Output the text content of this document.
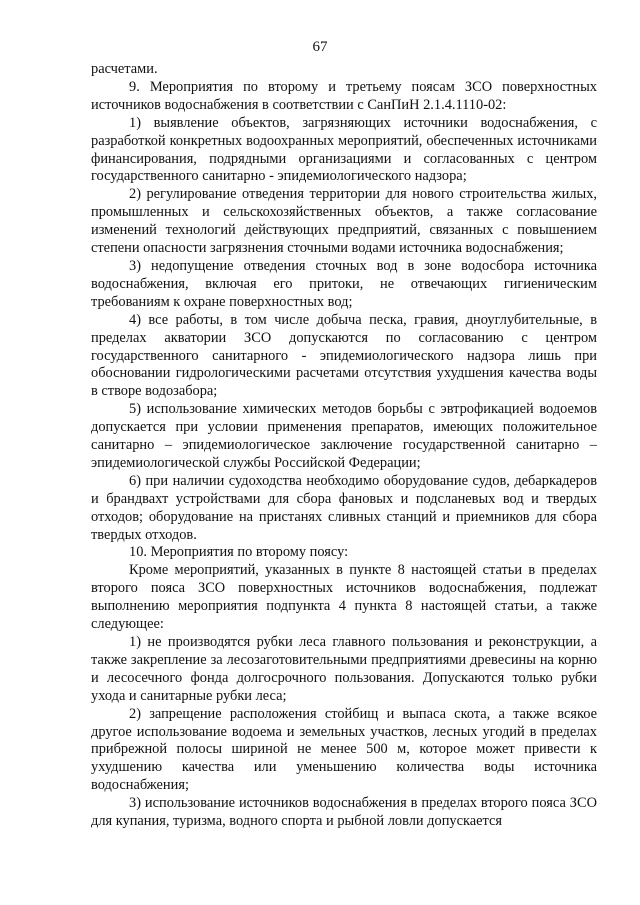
67

расчетами.

9. Мероприятия по второму и третьему поясам ЗСО поверхностных источников водоснабжения в соответствии с СанПиН 2.1.4.1110-02:

1) выявление объектов, загрязняющих источники водоснабжения, с разработкой конкретных водоохранных мероприятий, обеспеченных источниками финансирования, подрядными организациями и согласованных с центром государственного санитарно - эпидемиологического надзора;

2) регулирование отведения территории для нового строительства жилых, промышленных и сельскохозяйственных объектов, а также согласование изменений технологий действующих предприятий, связанных с повышением степени опасности загрязнения сточными водами источника водоснабжения;

3) недопущение отведения сточных вод в зоне водосбора источника водоснабжения, включая его притоки, не отвечающих гигиеническим требованиям к охране поверхностных вод;

4) все работы, в том числе добыча песка, гравия, дноуглубительные, в пределах акватории ЗСО допускаются по согласованию с центром государственного санитарного - эпидемиологического надзора лишь при обосновании гидрологическими расчетами отсутствия ухудшения качества воды в створе водозабора;

5) использование химических методов борьбы с эвтрофикацией водоемов допускается при условии применения препаратов, имеющих положительное санитарно – эпидемиологическое заключение государственной санитарно – эпидемиологической службы Российской Федерации;

6) при наличии судоходства необходимо оборудование судов, дебаркадеров и брандвахт устройствами для сбора фановых и подсланевых вод и твердых отходов; оборудование на пристанях сливных станций и приемников для сбора твердых отходов.

10. Мероприятия по второму поясу:

Кроме мероприятий, указанных в пункте 8 настоящей статьи в пределах второго пояса ЗСО поверхностных источников водоснабжения, подлежат выполнению мероприятия подпункта 4 пункта 8 настоящей статьи, а также следующее:

1) не производятся рубки леса главного пользования и реконструкции, а также закрепление за лесозаготовительными предприятиями древесины на корню и лесосечного фонда долгосрочного пользования. Допускаются только рубки ухода и санитарные рубки леса;

2) запрещение расположения стойбищ и выпаса скота, а также всякое другое использование водоема и земельных участков, лесных угодий в пределах прибрежной полосы шириной не менее 500 м, которое может привести к ухудшению качества или уменьшению количества воды источника водоснабжения;

3) использование источников водоснабжения в пределах второго пояса ЗСО для купания, туризма, водного спорта и рыбной ловли допускается
